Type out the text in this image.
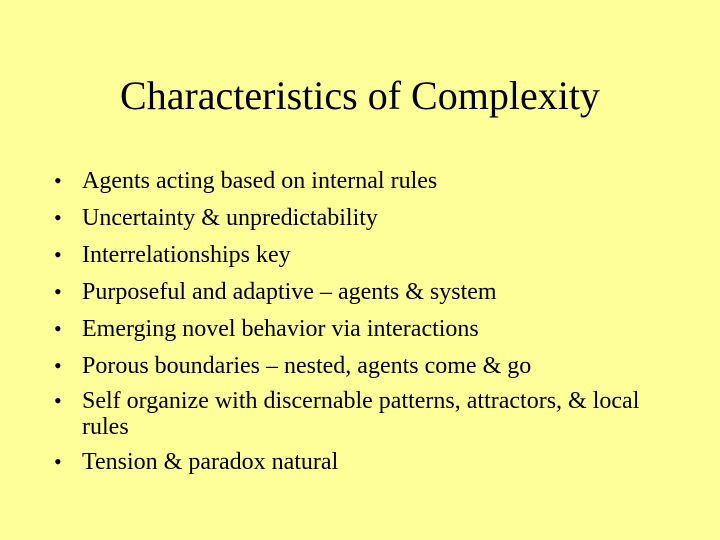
Characteristics of Complexity
• Agents acting based on internal rules
• Uncertainty & unpredictability
• Interrelationships key
• Purposeful and adaptive – agents & system
• Emerging novel behavior via interactions
• Porous boundaries – nested, agents come & go
• Self organize with discernable patterns, attractors, & local rules
• Tension & paradox natural
